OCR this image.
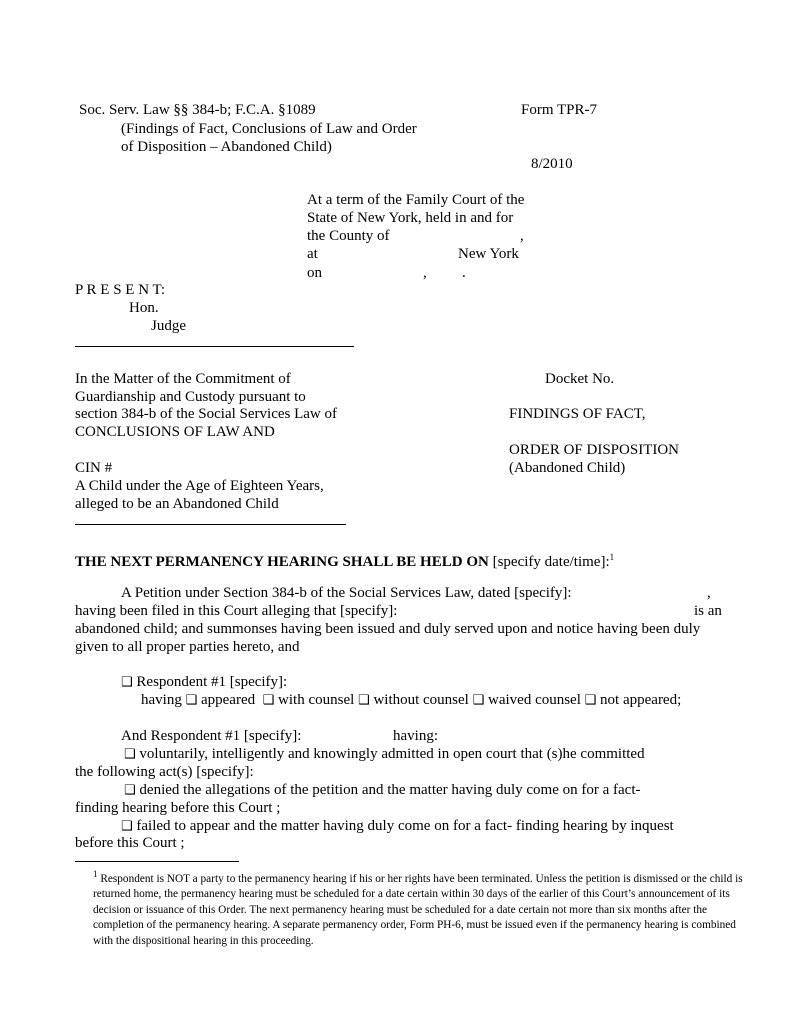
Soc. Serv. Law §§ 384-b; F.C.A. §1089	Form TPR-7
(Findings of Fact, Conclusions of Law and Order
of Disposition – Abandoned Child)
8/2010
At a term of the Family Court of the
State of New York, held in and for
the County of	,
at	New York
on	, .
P R E S E N T:
Hon.
Judge
In the Matter of the Commitment of
Guardianship and Custody pursuant to
section 384-b of the Social Services Law of
CONCLUSIONS OF LAW AND
CIN #
A Child under the Age of Eighteen Years,
alleged to be an Abandoned Child
Docket No.
FINDINGS OF FACT,
ORDER OF DISPOSITION
(Abandoned Child)
THE NEXT PERMANENCY HEARING SHALL BE HELD ON [specify date/time]:$^1$
A Petition under Section 384-b of the Social Services Law, dated [specify]:	,
having been filed in this Court alleging that [specify]:	is an
abandoned child; and summonses having been issued and duly served upon and notice having been duly
given to all proper parties hereto, and
❑ Respondent #1 [specify]:
having ❑ appeared ❑ with counsel ❑ without counsel ❑ waived counsel ❑ not appeared;
And Respondent #1 [specify]:	having:
❑ voluntarily, intelligently and knowingly admitted in open court that (s)he committed
the following act(s) [specify]:
❑ denied the allegations of the petition and the matter having duly come on for a fact-
finding hearing before this Court ;
❑ failed to appear and the matter having duly come on for a fact- finding hearing by inquest
before this Court ;
$^1$ Respondent is NOT a party to the permanency hearing if his or her rights have been terminated. Unless the petition is dismissed or the child is returned home, the permanency hearing must be scheduled for a date certain within 30 days of the earlier of this Court’s announcement of its decision or issuance of this Order. The next permanency hearing must be scheduled for a date certain not more than six months after the completion of the permanency hearing. A separate permanency order, Form PH-6, must be issued even if the permanency hearing is combined with the dispositional hearing in this proceeding.
